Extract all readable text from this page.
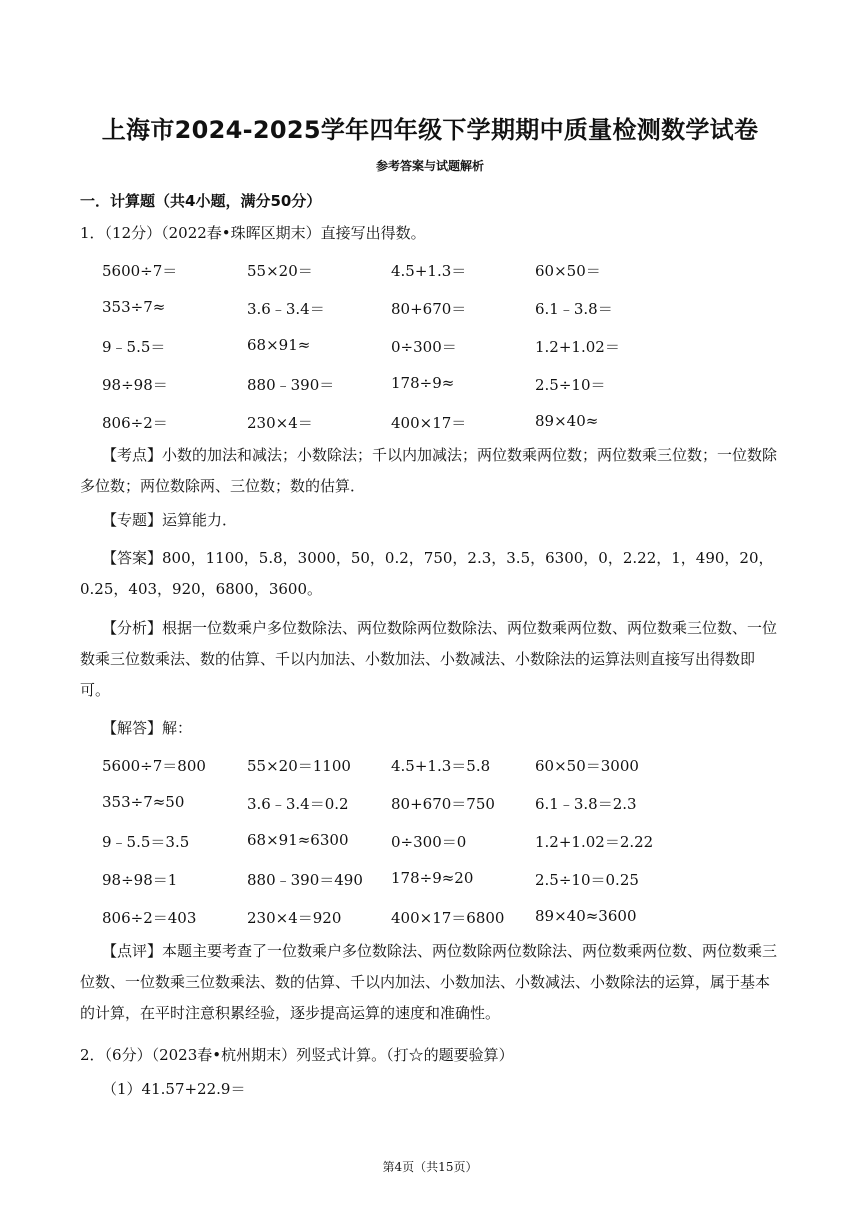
上海市2024-2025学年四年级下学期期中质量检测数学试卷
参考答案与试题解析
一．计算题（共4小题，满分50分）
1．（12分）（2022春•珠晖区期末）直接写出得数。
5600÷7＝	55×20＝	4.5+1.3＝	60×50＝
353÷7≈	3.6﹣3.4＝	80+670＝	6.1﹣3.8＝
9﹣5.5＝	68×91≈	0÷300＝	1.2+1.02＝
98÷98＝	880﹣390＝	178÷9≈	2.5÷10＝
806÷2＝	230×4＝	400×17＝	89×40≈
【考点】小数的加法和减法；小数除法；千以内加减法；两位数乘两位数；两位数乘三位数；一位数除多位数；两位数除两、三位数；数的估算．
【专题】运算能力．
【答案】800，1100，5.8，3000，50，0.2，750，2.3，3.5，6300，0，2.22，1，490，20，0.25，403，920，6800，3600。
【分析】根据一位数乘户多位数除法、两位数除两位数除法、两位数乘两位数、两位数乘三位数、一位数乘三位数乘法、数的估算、千以内加法、小数加法、小数减法、小数除法的运算法则直接写出得数即可。
【解答】解：
5600÷7＝800	55×20＝1100	4.5+1.3＝5.8	60×50＝3000
353÷7≈50	3.6﹣3.4＝0.2	80+670＝750	6.1﹣3.8＝2.3
9﹣5.5＝3.5	68×91≈6300	0÷300＝0	1.2+1.02＝2.22
98÷98＝1	880﹣390＝490 178÷9≈20	2.5÷10＝0.25
806÷2＝403	230×4＝920	400×17＝6800 89×40≈3600
【点评】本题主要考查了一位数乘户多位数除法、两位数除两位数除法、两位数乘两位数、两位数乘三位数、一位数乘三位数乘法、数的估算、千以内加法、小数加法、小数减法、小数除法的运算，属于基本的计算，在平时注意积累经验，逐步提高运算的速度和准确性。
2．（6分）（2023春•杭州期末）列竖式计算。（打☆的题要验算）
（1）41.57+22.9＝
第4页（共15页）
